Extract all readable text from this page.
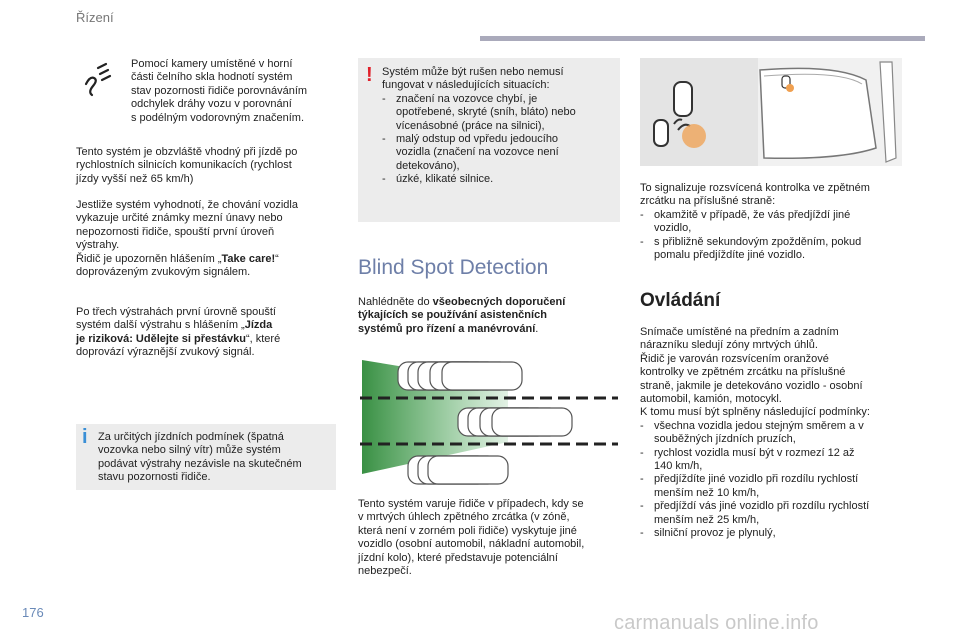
Řízení
Pomocí kamery umístěné v horní
části čelního skla hodnotí systém
stav pozornosti řidiče porovnáváním
odchylek dráhy vozu v porovnání
s podélným vodorovným značením.
Tento systém je obzvláště vhodný při jízdě po
rychlostních silnicích komunikacích (rychlost
jízdy vyšší než 65 km/h)
Jestliže systém vyhodnotí, že chování vozidla
vykazuje určité známky mezní únavy nebo
nepozornosti řidiče, spouští první úroveň
výstrahy.
Řidič je upozorněn hlášením „Take care!“
doprovázeným zvukovým signálem.
Po třech výstrahách první úrovně spouští
systém další výstrahu s hlášením „Jízda
je riziková: Udělejte si přestávku“, které
doprovází výraznější zvukový signál.
i Za určitých jízdních podmínek (špatná
vozovka nebo silný vítr) může systém
podávat výstrahy nezávisle na skutečném
stavu pozornosti řidiče.
! Systém může být rušen nebo nemusí
fungovat v následujících situacích:
- značení na vozovce chybí, je
opotřebené, skryté (sníh, bláto) nebo
vícenásobné (práce na silnici),
- malý odstup od vpředu jedoucího
vozidla (značení na vozovce není
detekováno),
- úzké, klikaté silnice.
Blind Spot Detection
Nahlédněte do všeobecných doporučení
týkajících se používání asistenčních
systémů pro řízení a manévrování.
Tento systém varuje řidiče v případech, kdy se
v mrtvých úhlech zpětného zrcátka (v zóně,
která není v zorném poli řidiče) vyskytuje jiné
vozidlo (osobní automobil, nákladní automobil,
jízdní kolo), které představuje potenciální
nebezpečí.
To signalizuje rozsvícená kontrolka ve zpětném
zrcátku na příslušné straně:
- okamžitě v případě, že vás předjíždí jiné
vozidlo,
- s přibližně sekundovým zpožděním, pokud
pomalu předjíždíte jiné vozidlo.
Ovládání
Snímače umístěné na předním a zadním
nárazníku sledují zóny mrtvých úhlů.
Řidič je varován rozsvícením oranžové
kontrolky ve zpětném zrcátku na příslušné
straně, jakmile je detekováno vozidlo - osobní
automobil, kamión, motocykl.
K tomu musí být splněny následující podmínky:
- všechna vozidla jedou stejným směrem a v
souběžných jízdních pruzích,
- rychlost vozidla musí být v rozmezí 12 až
140 km/h,
- předjíždíte jiné vozidlo při rozdílu rychlostí
menším než 10 km/h,
- předjíždí vás jiné vozidlo při rozdílu rychlostí
menším než 25 km/h,
- silniční provoz je plynulý,
176	carmanuals online.info
